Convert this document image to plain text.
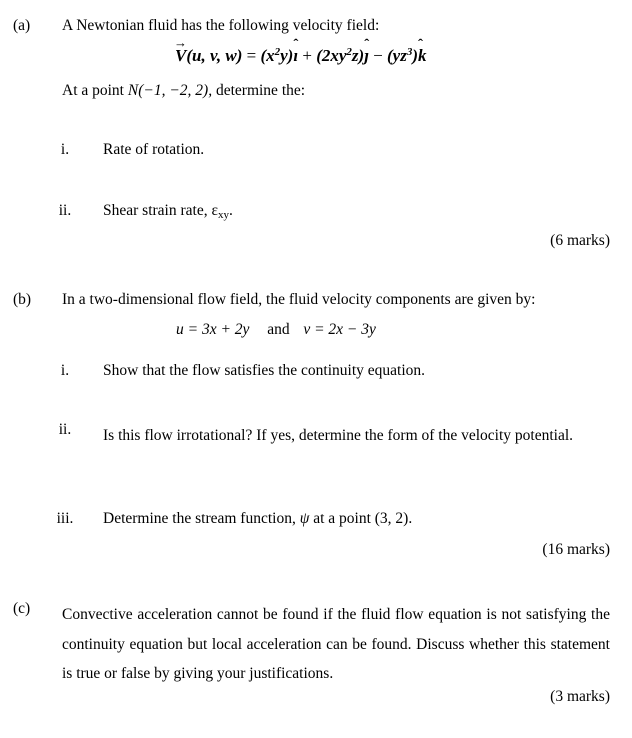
(a) A Newtonian fluid has the following velocity field:
→ V(u, v, $w) = (x^2y)ˆ$ ı + $(2xy^2z)ˆ$ ȷ − $(yz^3)ˆ$ k
At a point N(−1, −2, 2), determine the:
i.	Rate of rotation.
ii.	Shear strain rate, εxy.
(6 marks)
(b) In a two-dimensional flow field, the fluid velocity components are given by:
u = 3x + 2y and v = 2x − 3y
i.	Show that the flow satisfies the continuity equation.
ii.	Is this flow irrotational? If yes, determine the form of the velocity potential.
iii.	Determine the stream function, ψ at a point (3, 2).
(16 marks)
(c) Convective acceleration cannot be found if the fluid flow equation is not satisfying the continuity equation but local acceleration can be found. Discuss whether this statement is true or false by giving your justifications.
(3 marks)
